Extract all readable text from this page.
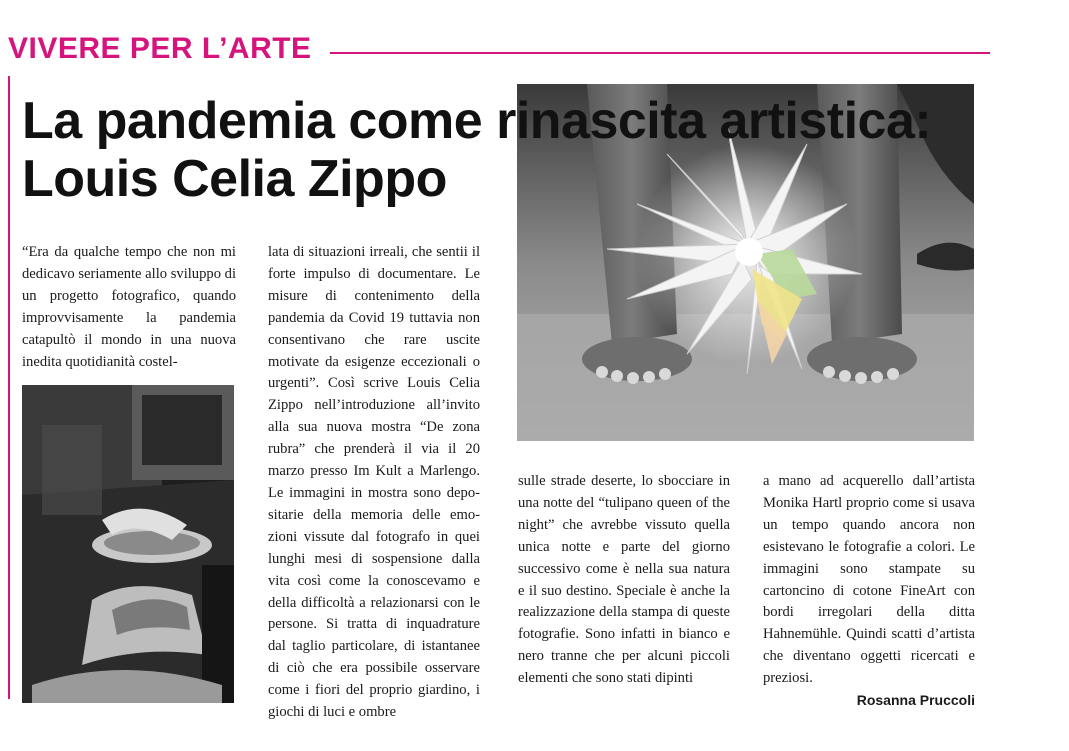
VIVERE PER L’ARTE
La pandemia come rinascita artistica:
Louis Celia Zippo

“Era da qualche tempo che non mi dedicavo seriamente allo sviluppo di un progetto fotografico, quando improvvisamente la pandemia catapultò il mondo in una nuova inedita quotidianità costel-

lata di situazioni irreali, che sentii il forte impulso di documentare. Le misure di contenimento della pandemia da Covid 19 tuttavia non consentivano che rare uscite motivate da esigenze eccezionali o urgenti”. Così scrive Louis Celia Zippo nell’introduzione all’invito alla sua nuova mostra “De zona rubra” che prenderà il via il 20 marzo presso Im Kult a Marlengo. Le immagini in mostra sono depositarie della memoria delle emozioni vissute dal fotografo in quei lunghi mesi di sospensione dalla vita così come la conoscevamo e della difficoltà a relazionarsi con le persone. Si tratta di inquadrature dal taglio particolare, di istantanee di ciò che era possibile osservare come i fiori del proprio giardino, i giochi di luci e ombre

sulle strade deserte, lo sbocciare in una notte del “tulipano queen of the night” che avrebbe vissuto quella unica notte e parte del giorno successivo come è nella sua natura e il suo destino. Speciale è anche la realizzazione della stampa di queste fotografie. Sono infatti in bianco e nero tranne che per alcuni piccoli elementi che sono stati dipinti

a mano ad acquerello dall’artista Monika Hartl proprio come si usava un tempo quando ancora non esistevano le fotografie a colori. Le immagini sono stampate su cartoncino di cotone FineArt con bordi irregolari della ditta Hahnemühle. Quindi scatti d’artista che diventano oggetti ricercati e preziosi.

Rosanna Pruccoli
